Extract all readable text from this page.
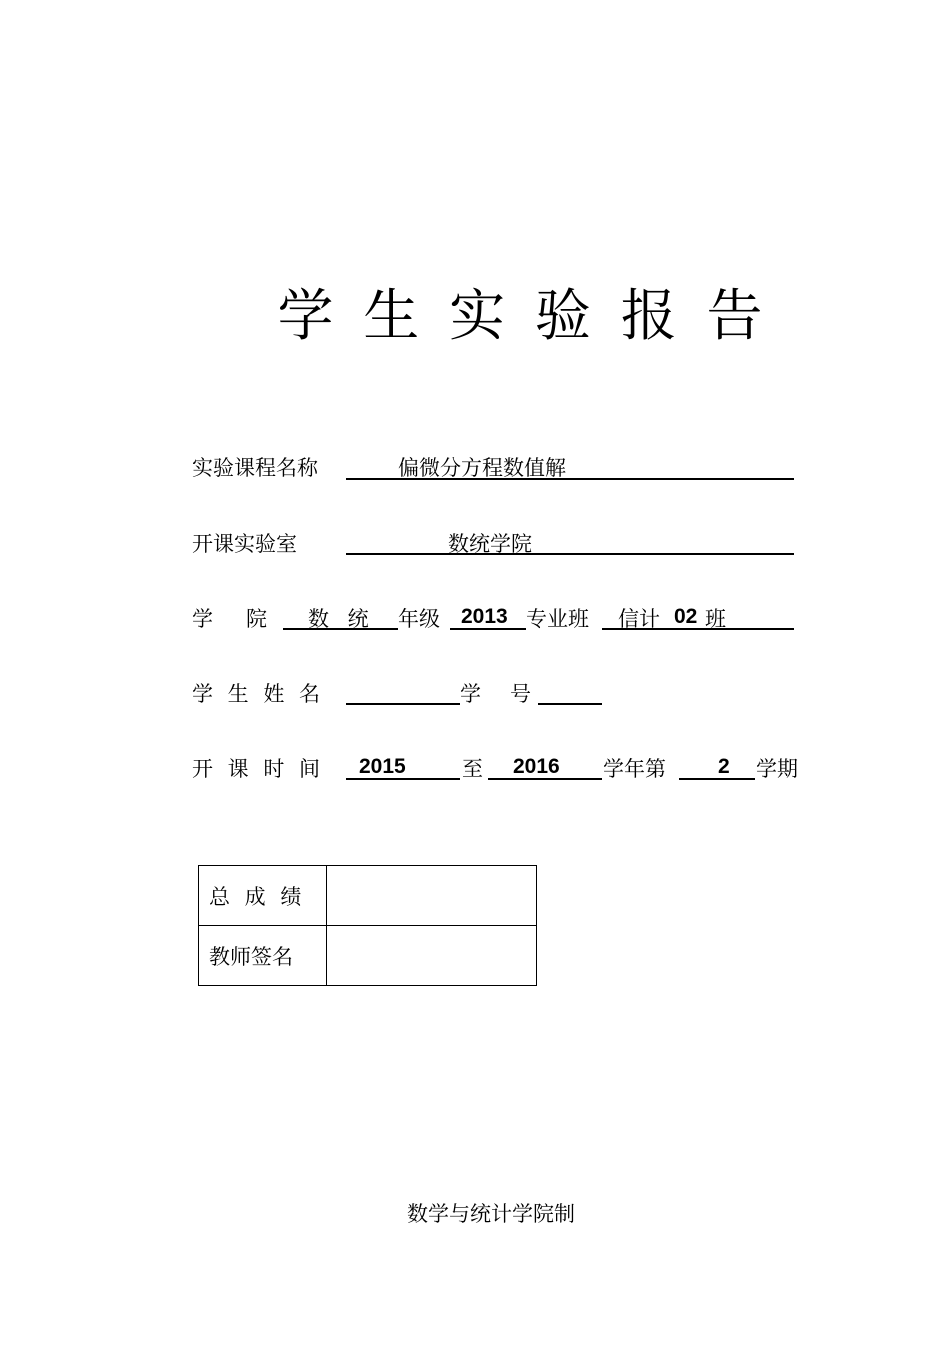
学 生 实 验 报 告
实验课程名称	偏微分方程数值解
开课实验室	数统学院
学　院 数 统 年级 2013 专业班 信计 02 班
学 生 姓 名	学　号
开 课 时 间 2015	至 2016 学年第 2 学期
总 成 绩	
教师签名	
数学与统计学院制
